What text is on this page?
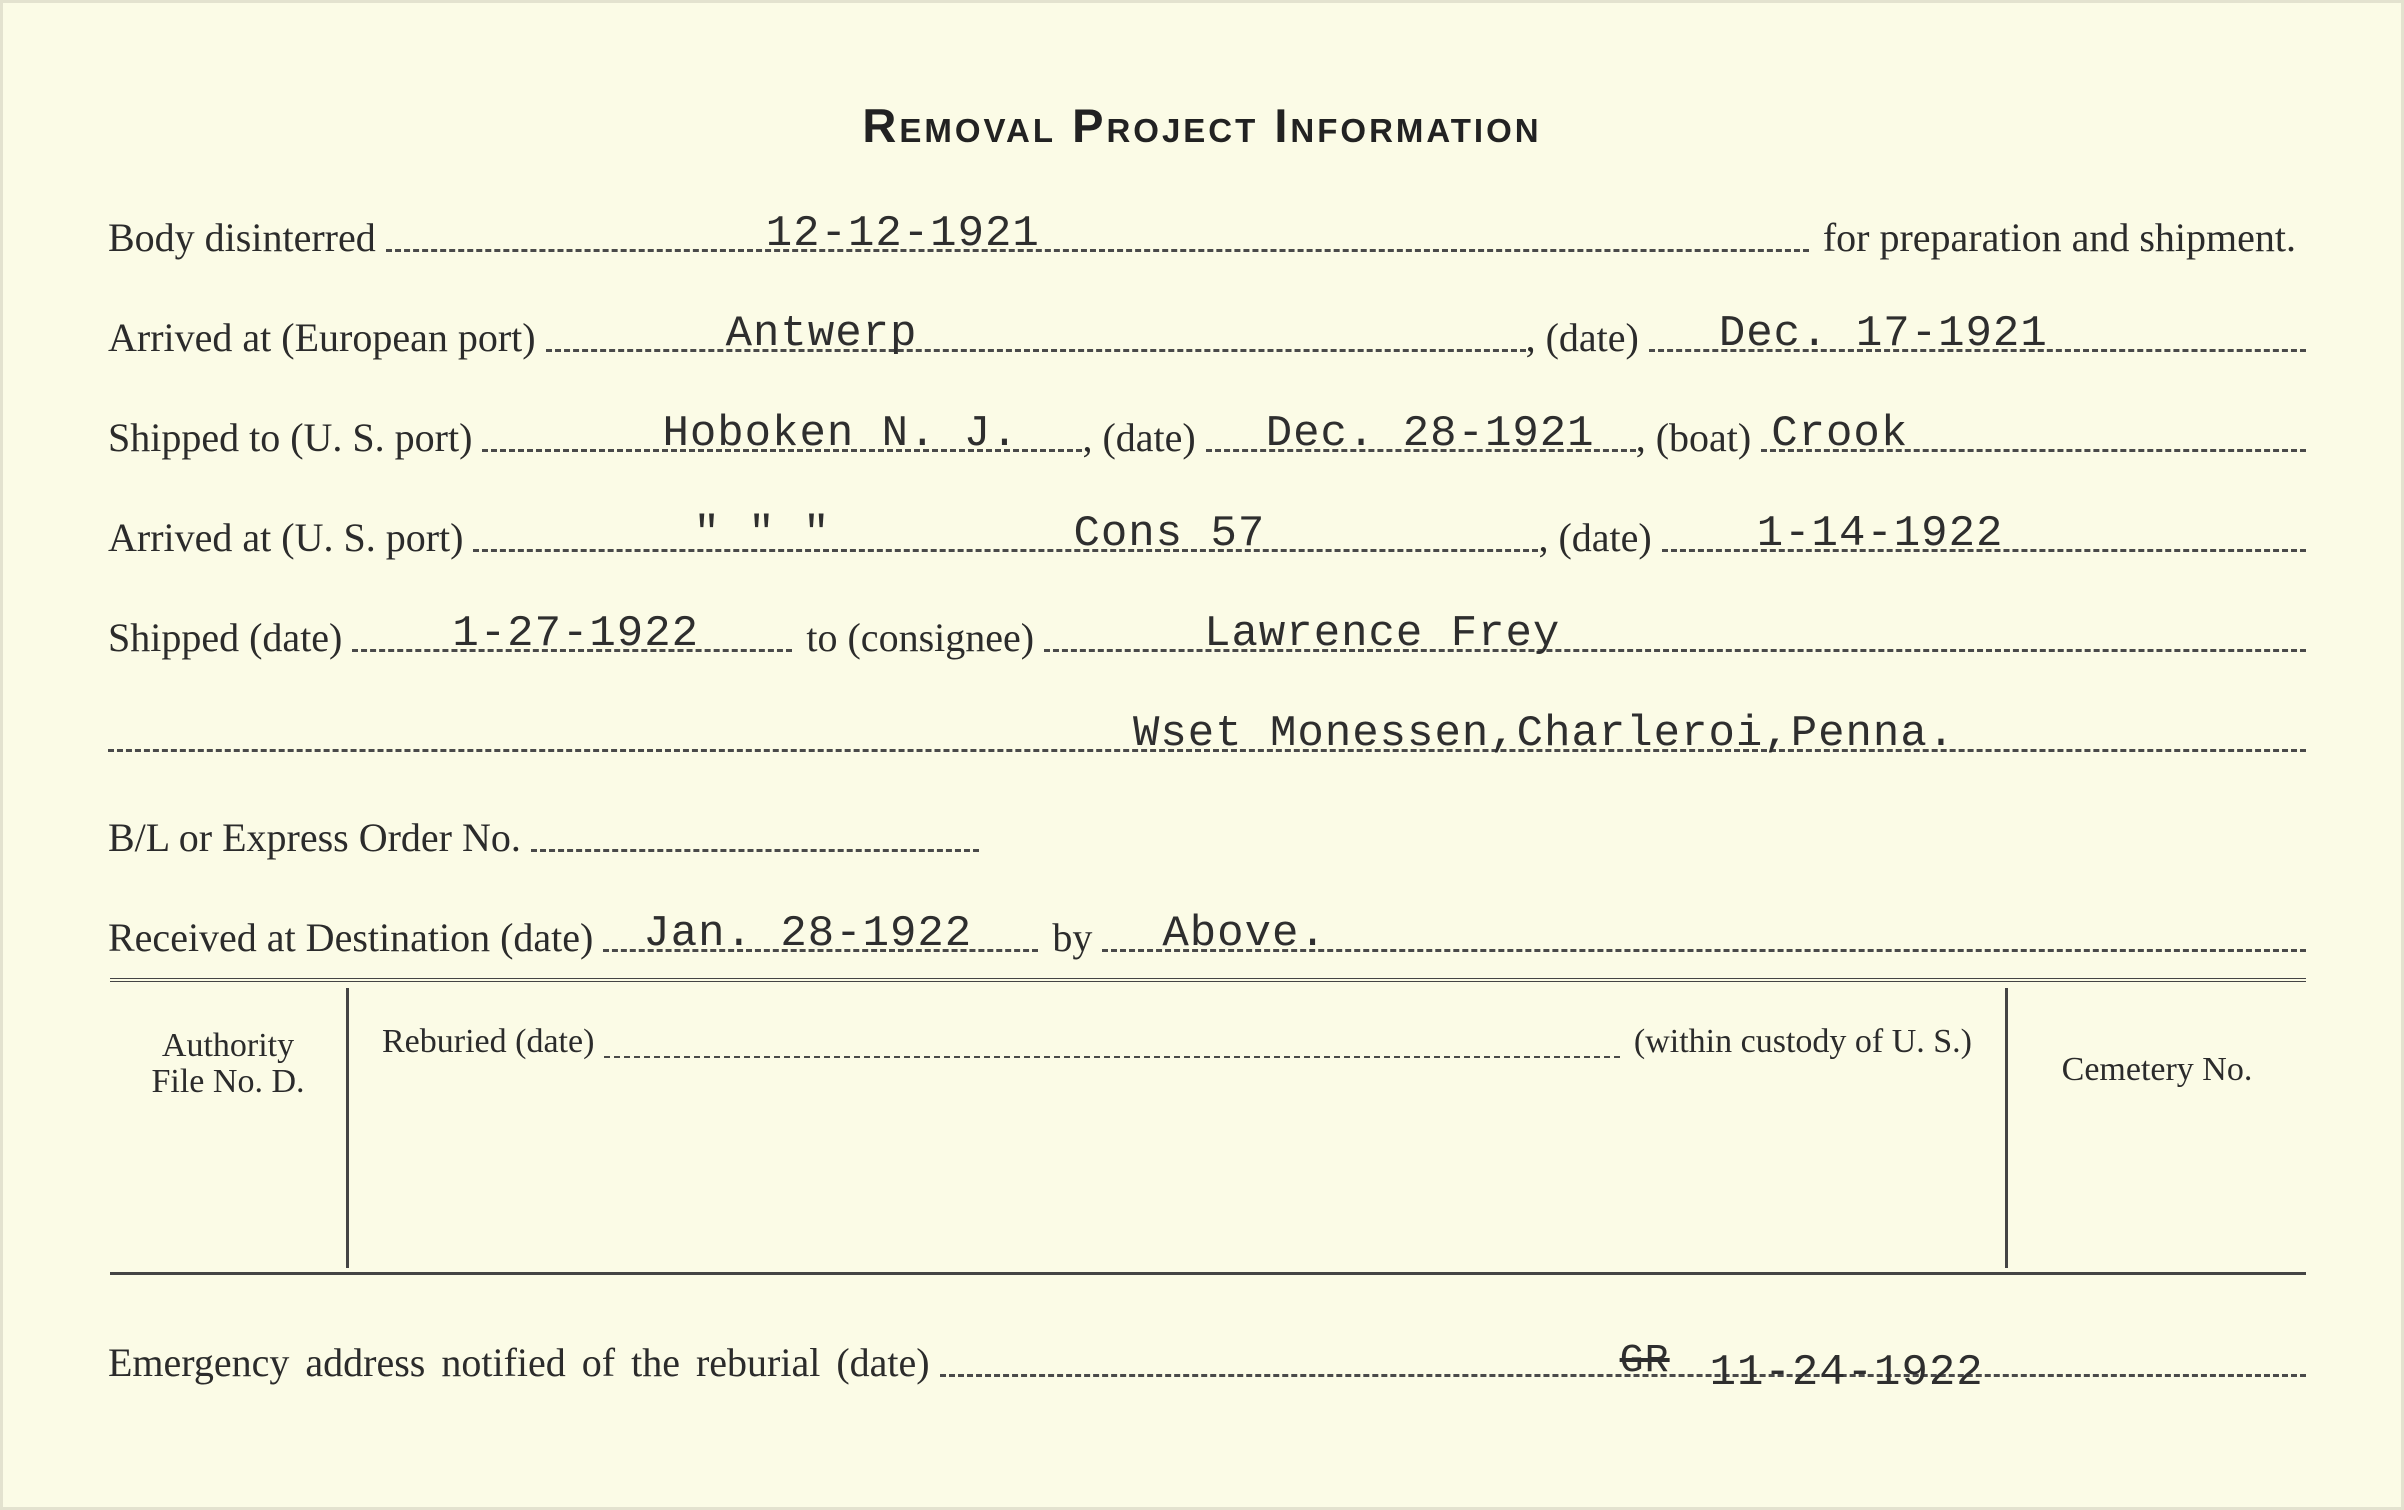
Removal Project Information
Body disinterred	12-12-1921	for preparation and shipment.
Arrived at (European port)	Antwerp	, (date) Dec. 17-1921
Shipped to (U. S. port)	Hoboken N. J. , (date) Dec. 28-1921 , (boat) Crook
Arrived at (U. S. port)	" " "	Cons 57	, (date) 1-14-1922
Shipped (date)	1-27-1922	to (consignee)	Lawrence Frey
Wset Monessen,Charleroi,Penna.
B/L or Express Order No.
Received at Destination (date) Jan. 28-1922	by Above.
Authority
File No. D.
Reburied (date)	(within custody of U. S.)
Cemetery No.
Emergency address notified of the reburial (date)	GR 11-24-1922
